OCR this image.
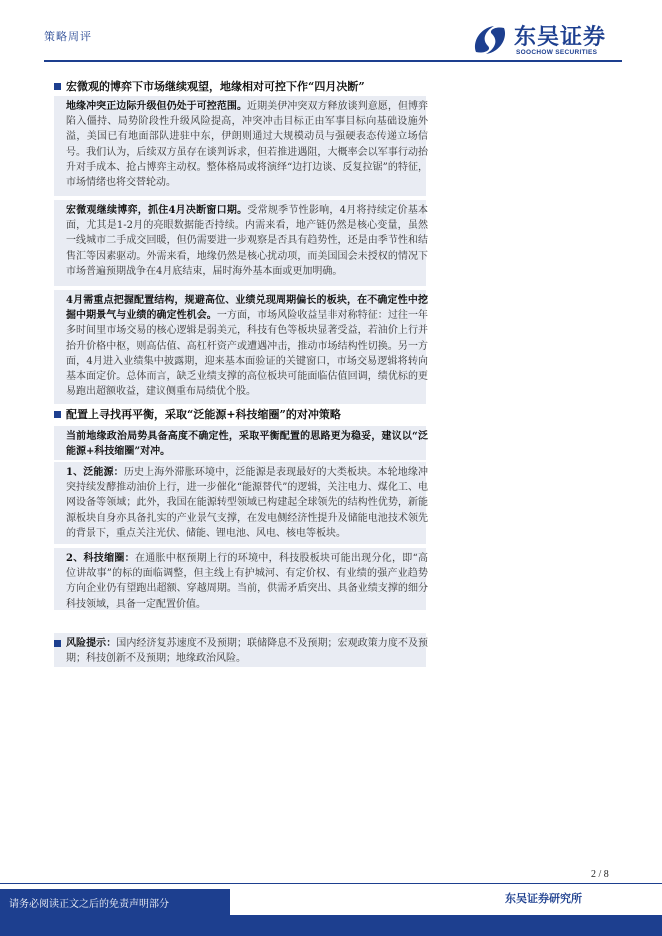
策略周评	东吴证券
SOOCHOW SECURITIES
宏微观的博弈下市场继续观望，地缘相对可控下作“四月决断”
地缘冲突正边际升级但仍处于可控范围。近期美伊冲突双方释放谈判意愿，但博弈陷入僵持、局势阶段性升级风险提高，冲突冲击目标正由军事目标向基础设施外溢，美国已有地面部队进驻中东，伊朗则通过大规模动员与强硬表态传递立场信号。我们认为，后续双方虽存在谈判诉求，但若推进遇阻，大概率会以军事行动抬升对手成本、抢占博弈主动权。整体格局或将演绎“边打边谈、反复拉锯”的特征，市场情绪也将交替轮动。
宏微观继续博弈，抓住4月决断窗口期。受常规季节性影响，4月将持续定价基本面，尤其是1-2月的亮眼数据能否持续。内需来看，地产链仍然是核心变量，虽然一线城市二手成交回暖，但仍需要进一步观察是否具有趋势性，还是由季节性和结售汇等因素驱动。外需来看，地缘仍然是核心扰动项，而美国国会未授权的情况下市场普遍预期战争在4月底结束，届时海外基本面或更加明确。
4月需重点把握配置结构，规避高位、业绩兑现周期偏长的板块，在不确定性中挖掘中期景气与业绩的确定性机会。一方面，市场风险收益呈非对称特征：过往一年多时间里市场交易的核心逻辑是弱美元，科技有色等板块显著受益，若油价上行并抬升价格中枢，则高估值、高杠杆资产或遭遇冲击，推动市场结构性切换。另一方面，4月进入业绩集中披露期，迎来基本面验证的关键窗口，市场交易逻辑将转向基本面定价。总体而言，缺乏业绩支撑的高位板块可能面临估值回调，绩优标的更易跑出超额收益，建议侧重布局绩优个股。
配置上寻找再平衡，采取“泛能源+科技缩圈”的对冲策略
当前地缘政治局势具备高度不确定性，采取平衡配置的思路更为稳妥，建议以“泛能源+科技缩圈”对冲。
1、泛能源：历史上海外滞胀环境中，泛能源是表现最好的大类板块。本轮地缘冲突持续发酵推动油价上行，进一步催化“能源替代”的逻辑，关注电力、煤化工、电网设备等领域；此外，我国在能源转型领域已构建起全球领先的结构性优势，新能源板块自身亦具备扎实的产业景气支撑，在发电侧经济性提升及储能电池技术领先的背景下，重点关注光伏、储能、锂电池、风电、核电等板块。
2、科技缩圈：在通胀中枢预期上行的环境中，科技股板块可能出现分化，即“高位讲故事”的标的面临调整，但主线上有护城河、有定价权、有业绩的强产业趋势方向企业仍有望跑出超额、穿越周期。当前，供需矛盾突出、具备业绩支撑的细分科技领域，具备一定配置价值。
风险提示：国内经济复苏速度不及预期；联储降息不及预期；宏观政策力度不及预期；科技创新不及预期；地缘政治风险。
2 / 8
请务必阅读正文之后的免责声明部分	东吴证券研究所
